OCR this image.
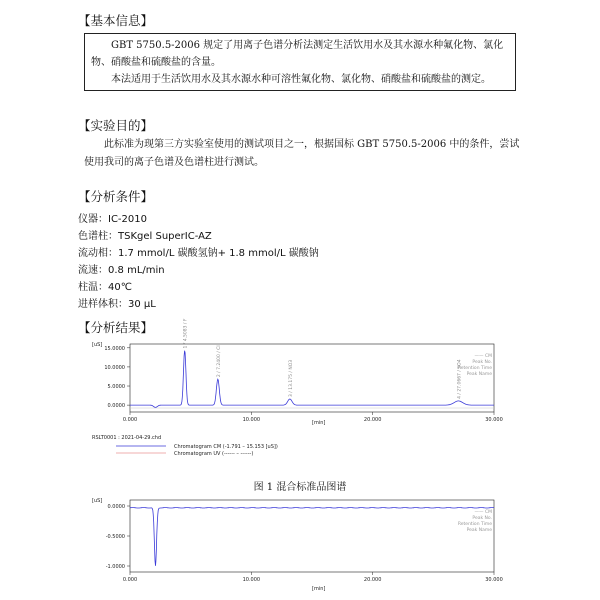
【基本信息】

GBT 5750.5-2006 规定了用离子色谱分析法测定生活饮用水及其水源水种氟化物、氯化物、硝酸盐和硫酸盐的含量。

本法适用于生活饮用水及其水源水种可溶性氟化物、氯化物、硝酸盐和硫酸盐的测定。

【实验目的】
此标准为现第三方实验室使用的测试项目之一，根据国标 GBT 5750.5-2006 中的条件，尝试使用我司的离子色谱及色谱柱进行测试。
【分析条件】
仪器：IC-2010
色谱柱：TSKgel SuperIC-AZ
流动相：1.7 mmol/L 碳酸氢钠+ 1.8 mmol/L 碳酸钠
流速：0.8 mL/min
柱温：40℃
进样体积：30 µL
【分析结果】
[uS]
15.0000
10.0000
5.0000
0.0000
0.000	10.000	20.000	30.000
1 / 4.5083 / F
2 / 7.2400 / Cl	3 / 13.175 / NO3	4 / 27.0667 / SO4
—— CM
Peak No.
Retention Time
Peak Name
[min]
RSLT0001 : 2021-04-29.chd
Chromatogram CM (-1.791 – 15.153 [uS])
Chromatogram UV (------ – ------)
图 1 混合标准品图谱
[uS]
0.0000
-0.5000
-1.0000
0.000	10.000	20.000	30.000
—— CM
Peak No.
Retention Time
Peak Name
[min]
